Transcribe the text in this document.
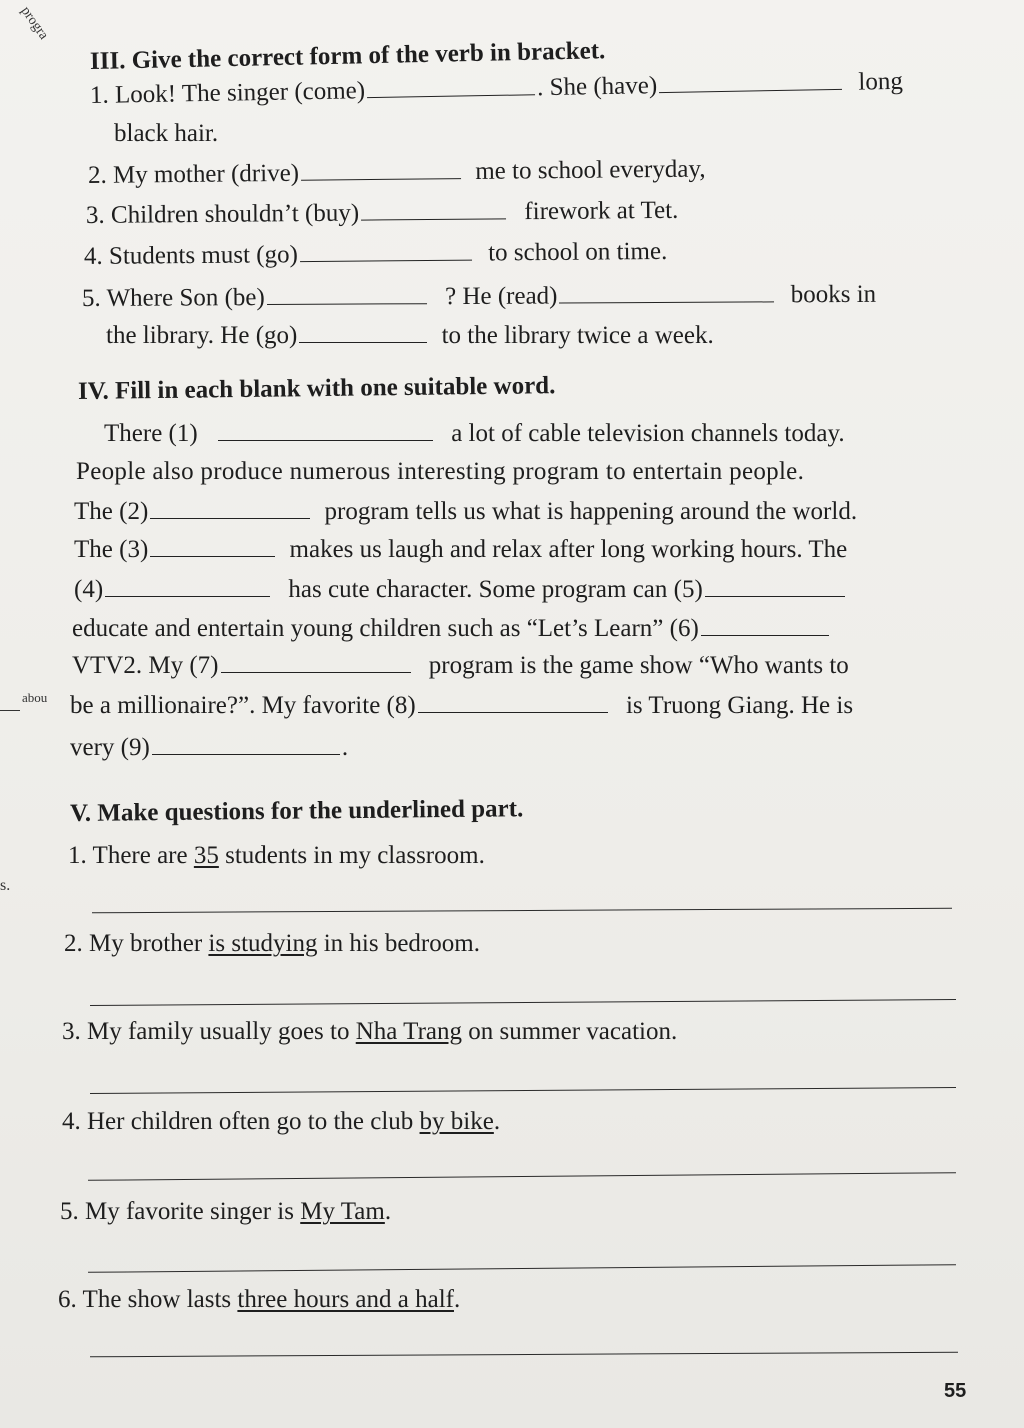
progra
abou
s.
III. Give the correct form of the verb in bracket.
1. Look! The singer (come)	. She (have)	long
black hair.
2. My mother (drive)	me to school everyday,
3. Children shouldn’t (buy)	firework at Tet.
4. Students must (go)	to school on time.
5. Where Son (be)	? He (read)	books in
the library. He (go)	to the library twice a week.
IV. Fill in each blank with one suitable word.
There (1)	a lot of cable television channels today.
People also produce numerous interesting program to entertain people.
The (2)	program tells us what is happening around the world.
The (3)	makes us laugh and relax after long working hours. The
(4)	has cute character. Some program can (5)
educate and entertain young children such as “Let’s Learn” (6)
VTV2. My (7)	program is the game show “Who wants to
be a millionaire?”. My favorite (8)	is Truong Giang. He is
very (9)	.
V. Make questions for the underlined part.
1. There are 35 students in my classroom.
2. My brother is studying in his bedroom.
3. My family usually goes to Nha Trang on summer vacation.
4. Her children often go to the club by bike.
5. My favorite singer is My Tam.
6. The show lasts three hours and a half.
55
